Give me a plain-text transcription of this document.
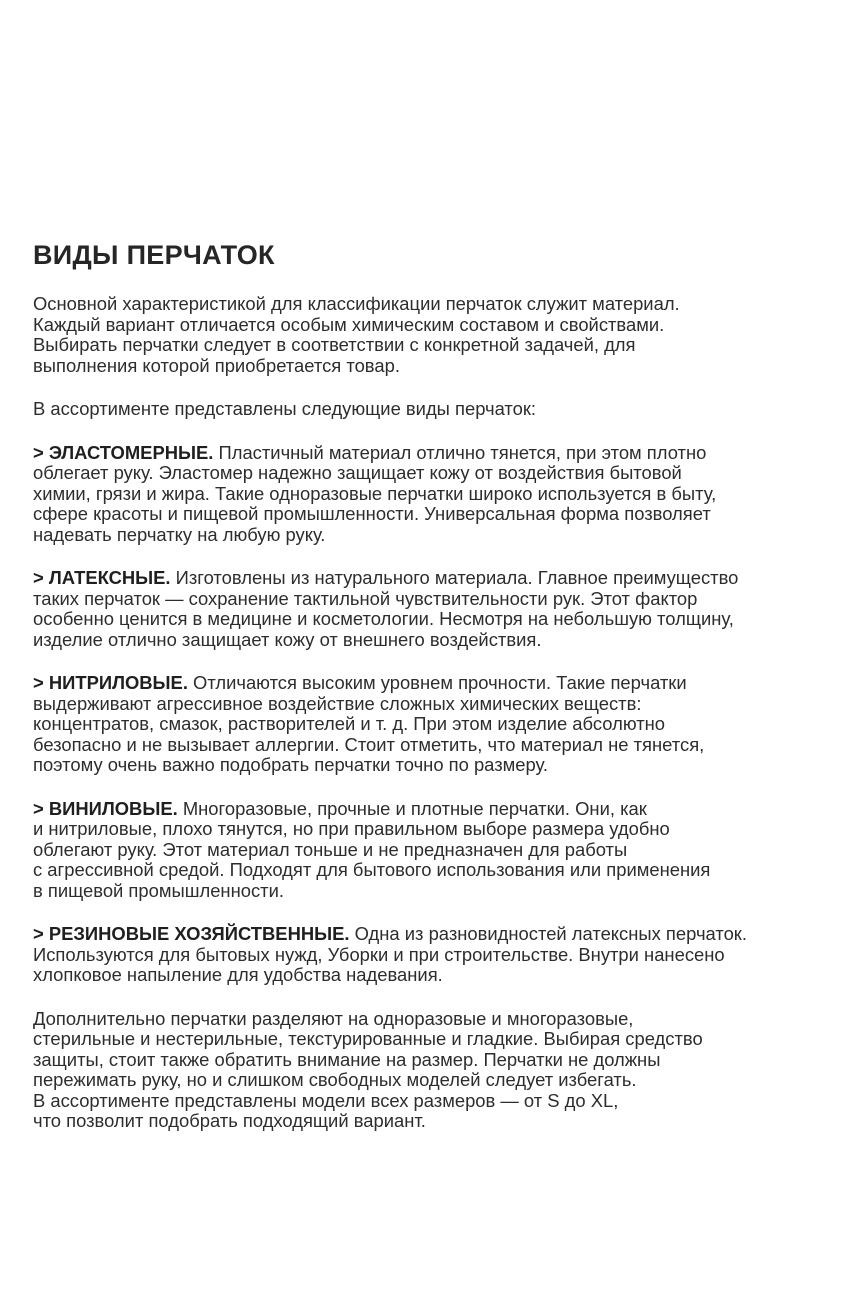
ВИДЫ ПЕРЧАТОК
Основной характеристикой для классификации перчаток служит материал.
Каждый вариант отличается особым химическим составом и свойствами.
Выбирать перчатки следует в соответствии с конкретной задачей, для
выполнения которой приобретается товар.
В ассортименте представлены следующие виды перчаток:
> ЭЛАСТОМЕРНЫЕ. Пластичный материал отлично тянется, при этом плотно
облегает руку. Эластомер надежно защищает кожу от воздействия бытовой
химии, грязи и жира. Такие одноразовые перчатки широко используется в быту,
сфере красоты и пищевой промышленности. Универсальная форма позволяет
надевать перчатку на любую руку.
> ЛАТЕКСНЫЕ. Изготовлены из натурального материала. Главное преимущество
таких перчаток — сохранение тактильной чувствительности рук. Этот фактор
особенно ценится в медицине и косметологии. Несмотря на небольшую толщину,
изделие отлично защищает кожу от внешнего воздействия.
> НИТРИЛОВЫЕ. Отличаются высоким уровнем прочности. Такие перчатки
выдерживают агрессивное воздействие сложных химических веществ:
концентратов, смазок, растворителей и т. д. При этом изделие абсолютно
безопасно и не вызывает аллергии. Стоит отметить, что материал не тянется,
поэтому очень важно подобрать перчатки точно по размеру.
> ВИНИЛОВЫЕ. Многоразовые, прочные и плотные перчатки. Они, как
и нитриловые, плохо тянутся, но при правильном выборе размера удобно
облегают руку. Этот материал тоньше и не предназначен для работы
с агрессивной средой. Подходят для бытового использования или применения
в пищевой промышленности.
> РЕЗИНОВЫЕ ХОЗЯЙСТВЕННЫЕ. Одна из разновидностей латексных перчаток.
Используются для бытовых нужд, Уборки и при строительстве. Внутри нанесено
хлопковое напыление для удобства надевания.
Дополнительно перчатки разделяют на одноразовые и многоразовые,
стерильные и нестерильные, текстурированные и гладкие. Выбирая средство
защиты, стоит также обратить внимание на размер. Перчатки не должны
пережимать руку, но и слишком свободных моделей следует избегать.
В ассортименте представлены модели всех размеров — от S до XL,
что позволит подобрать подходящий вариант.
